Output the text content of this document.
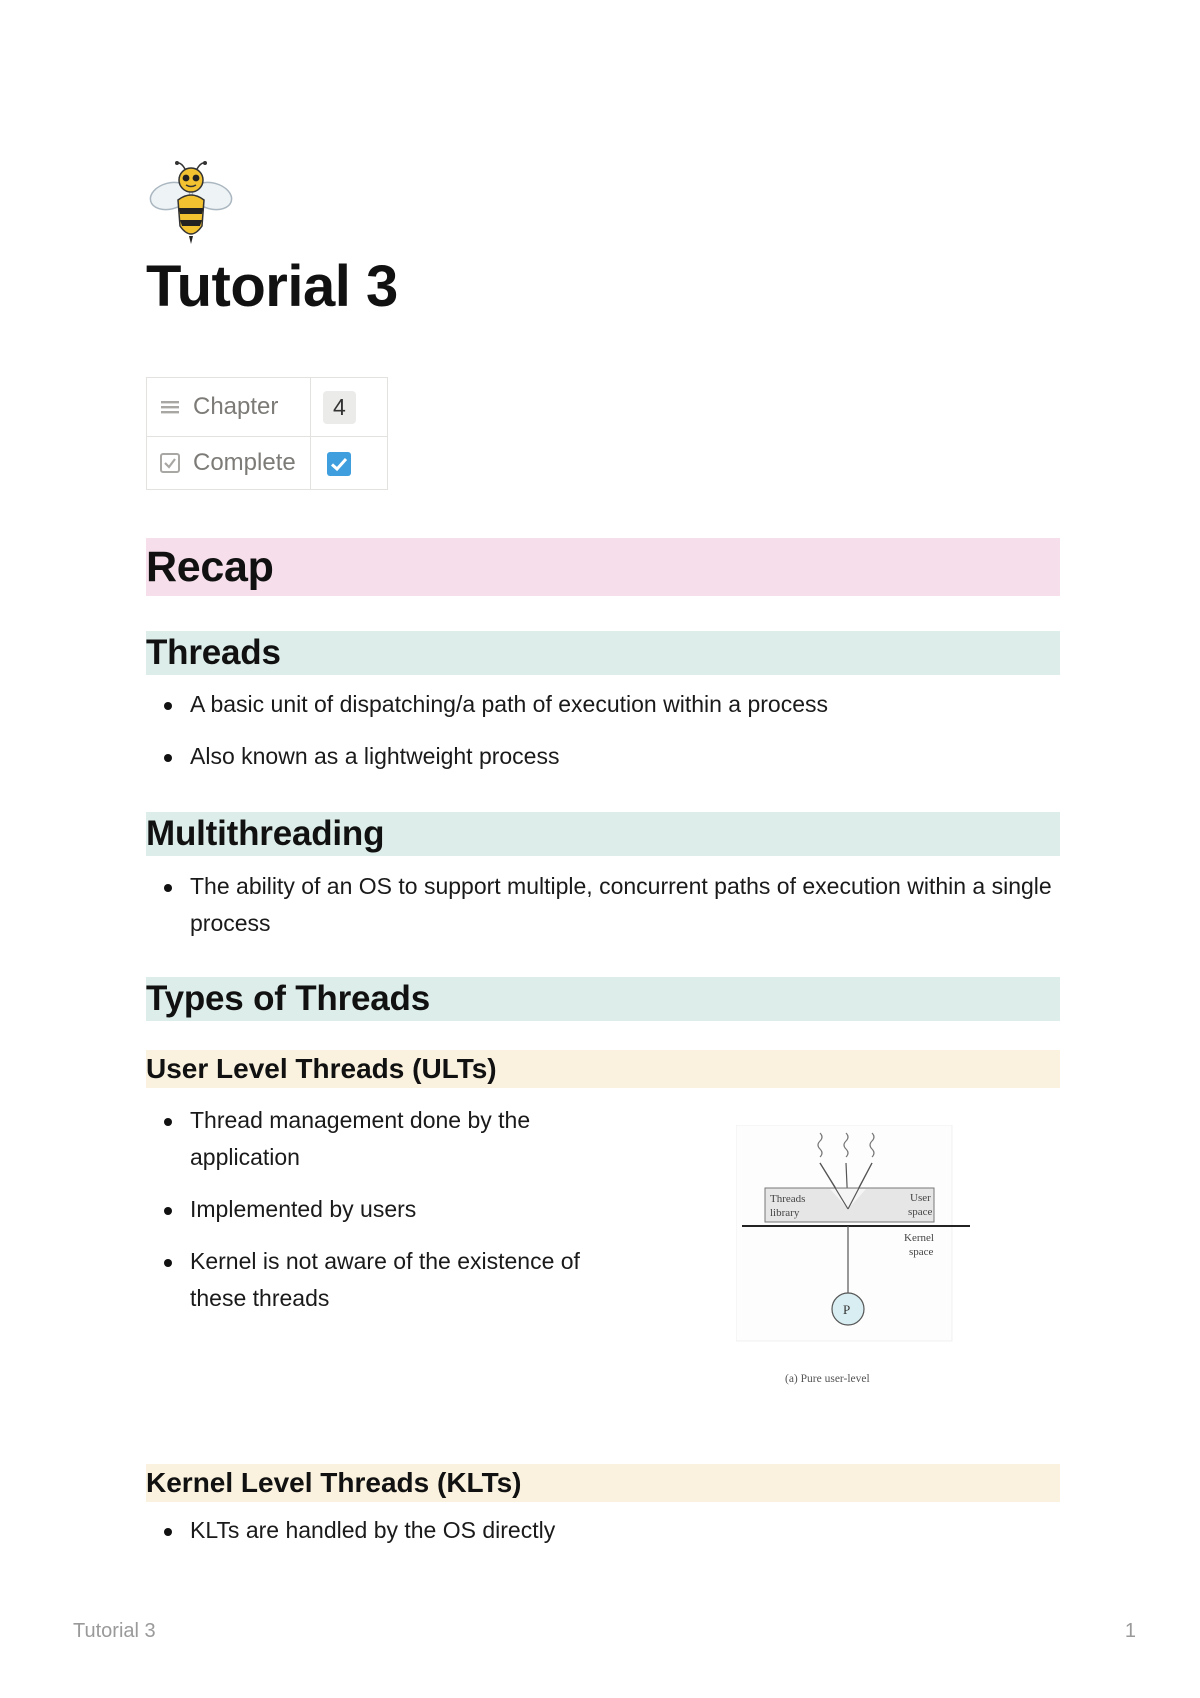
Tutorial 3
Chapter	4

Complete

Recap
Threads
A basic unit of dispatching/a path of execution within a process
Also known as a lightweight process
Multithreading
The ability of an OS to support multiple, concurrent paths of execution within a single process
Types of Threads
User Level Threads (ULTs)
Thread management done by the application
Implemented by users
Kernel is not aware of the existence of these threads
Threads
library
User
space
Kernel
space
P
(a) Pure user-level
Kernel Level Threads (KLTs)
KLTs are handled by the OS directly
Tutorial 3	1
